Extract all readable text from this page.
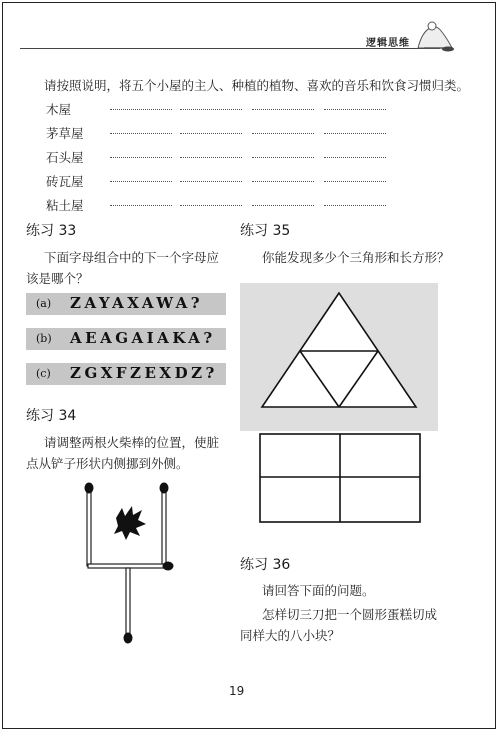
逻辑思维
请按照说明，将五个小屋的主人、种植的植物、喜欢的音乐和饮食习惯归类。
木屋
茅草屋
石头屋
砖瓦屋
粘土屋
练习 33
下面字母组合中的下一个字母应
该是哪个？
(a) ZAYAXAWA?
(b) AEAGAIAKA?
(c) ZGXFZEXDZ?
练习 34
请调整两根火柴棒的位置，使脏
点从铲子形状内侧挪到外侧。
练习 35
你能发现多少个三角形和长方形？
练习 36
请回答下面的问题。
怎样切三刀把一个圆形蛋糕切成
同样大的八小块？
19
